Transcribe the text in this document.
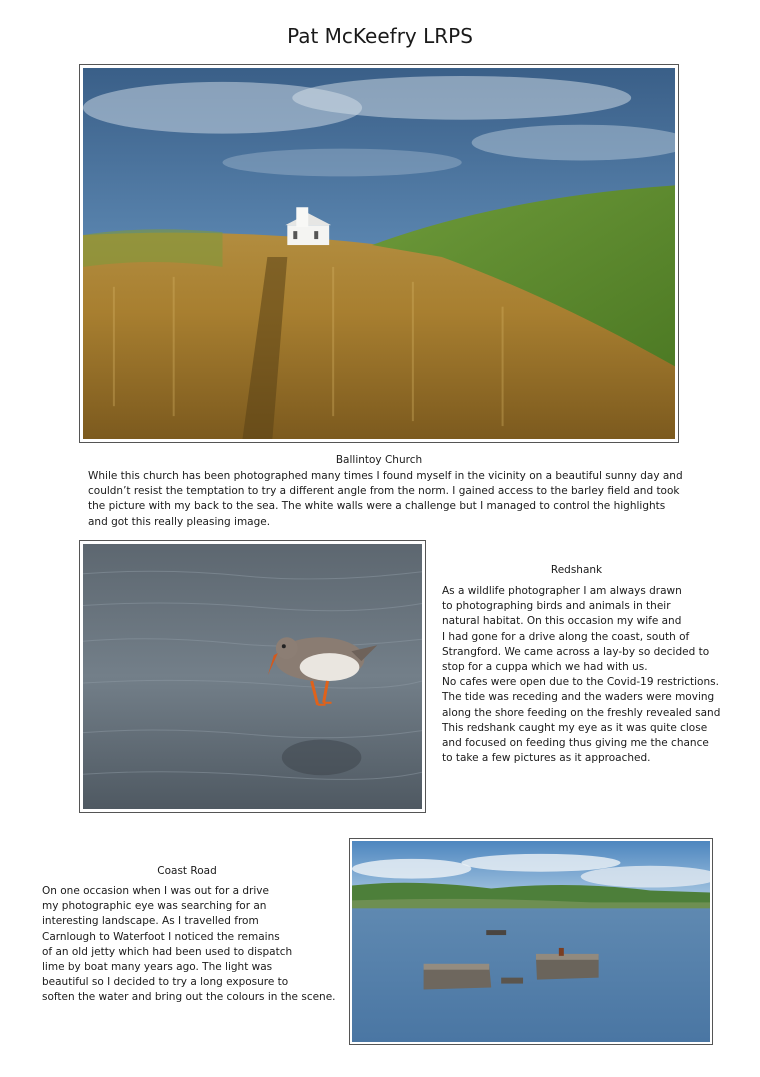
Pat McKeefry LRPS
Ballintoy Church
While this church has been photographed many times I found myself in the vicinity on a beautiful sunny day and
couldn’t resist the temptation to try a different angle from the norm. I gained access to the barley field and took
the picture with my back to the sea. The white walls were a challenge but I managed to control the highlights
and got this really pleasing image.
Redshank
As a wildlife photographer I am always drawn
to photographing birds and animals in their
natural habitat. On this occasion my wife and
I had gone for a drive along the coast, south of
Strangford. We came across a lay-by so decided to
stop for a cuppa which we had with us.
No cafes were open due to the Covid-19 restrictions.
The tide was receding and the waders were moving
along the shore feeding on the freshly revealed sand
This redshank caught my eye as it was quite close
and focused on feeding thus giving me the chance
to take a few pictures as it approached.
Coast Road
On one occasion when I was out for a drive
my photographic eye was searching for an
interesting landscape. As I travelled from
Carnlough to Waterfoot I noticed the remains
of an old jetty which had been used to dispatch
lime by boat many years ago. The light was
beautiful so I decided to try a long exposure to
soften the water and bring out the colours in the scene.
